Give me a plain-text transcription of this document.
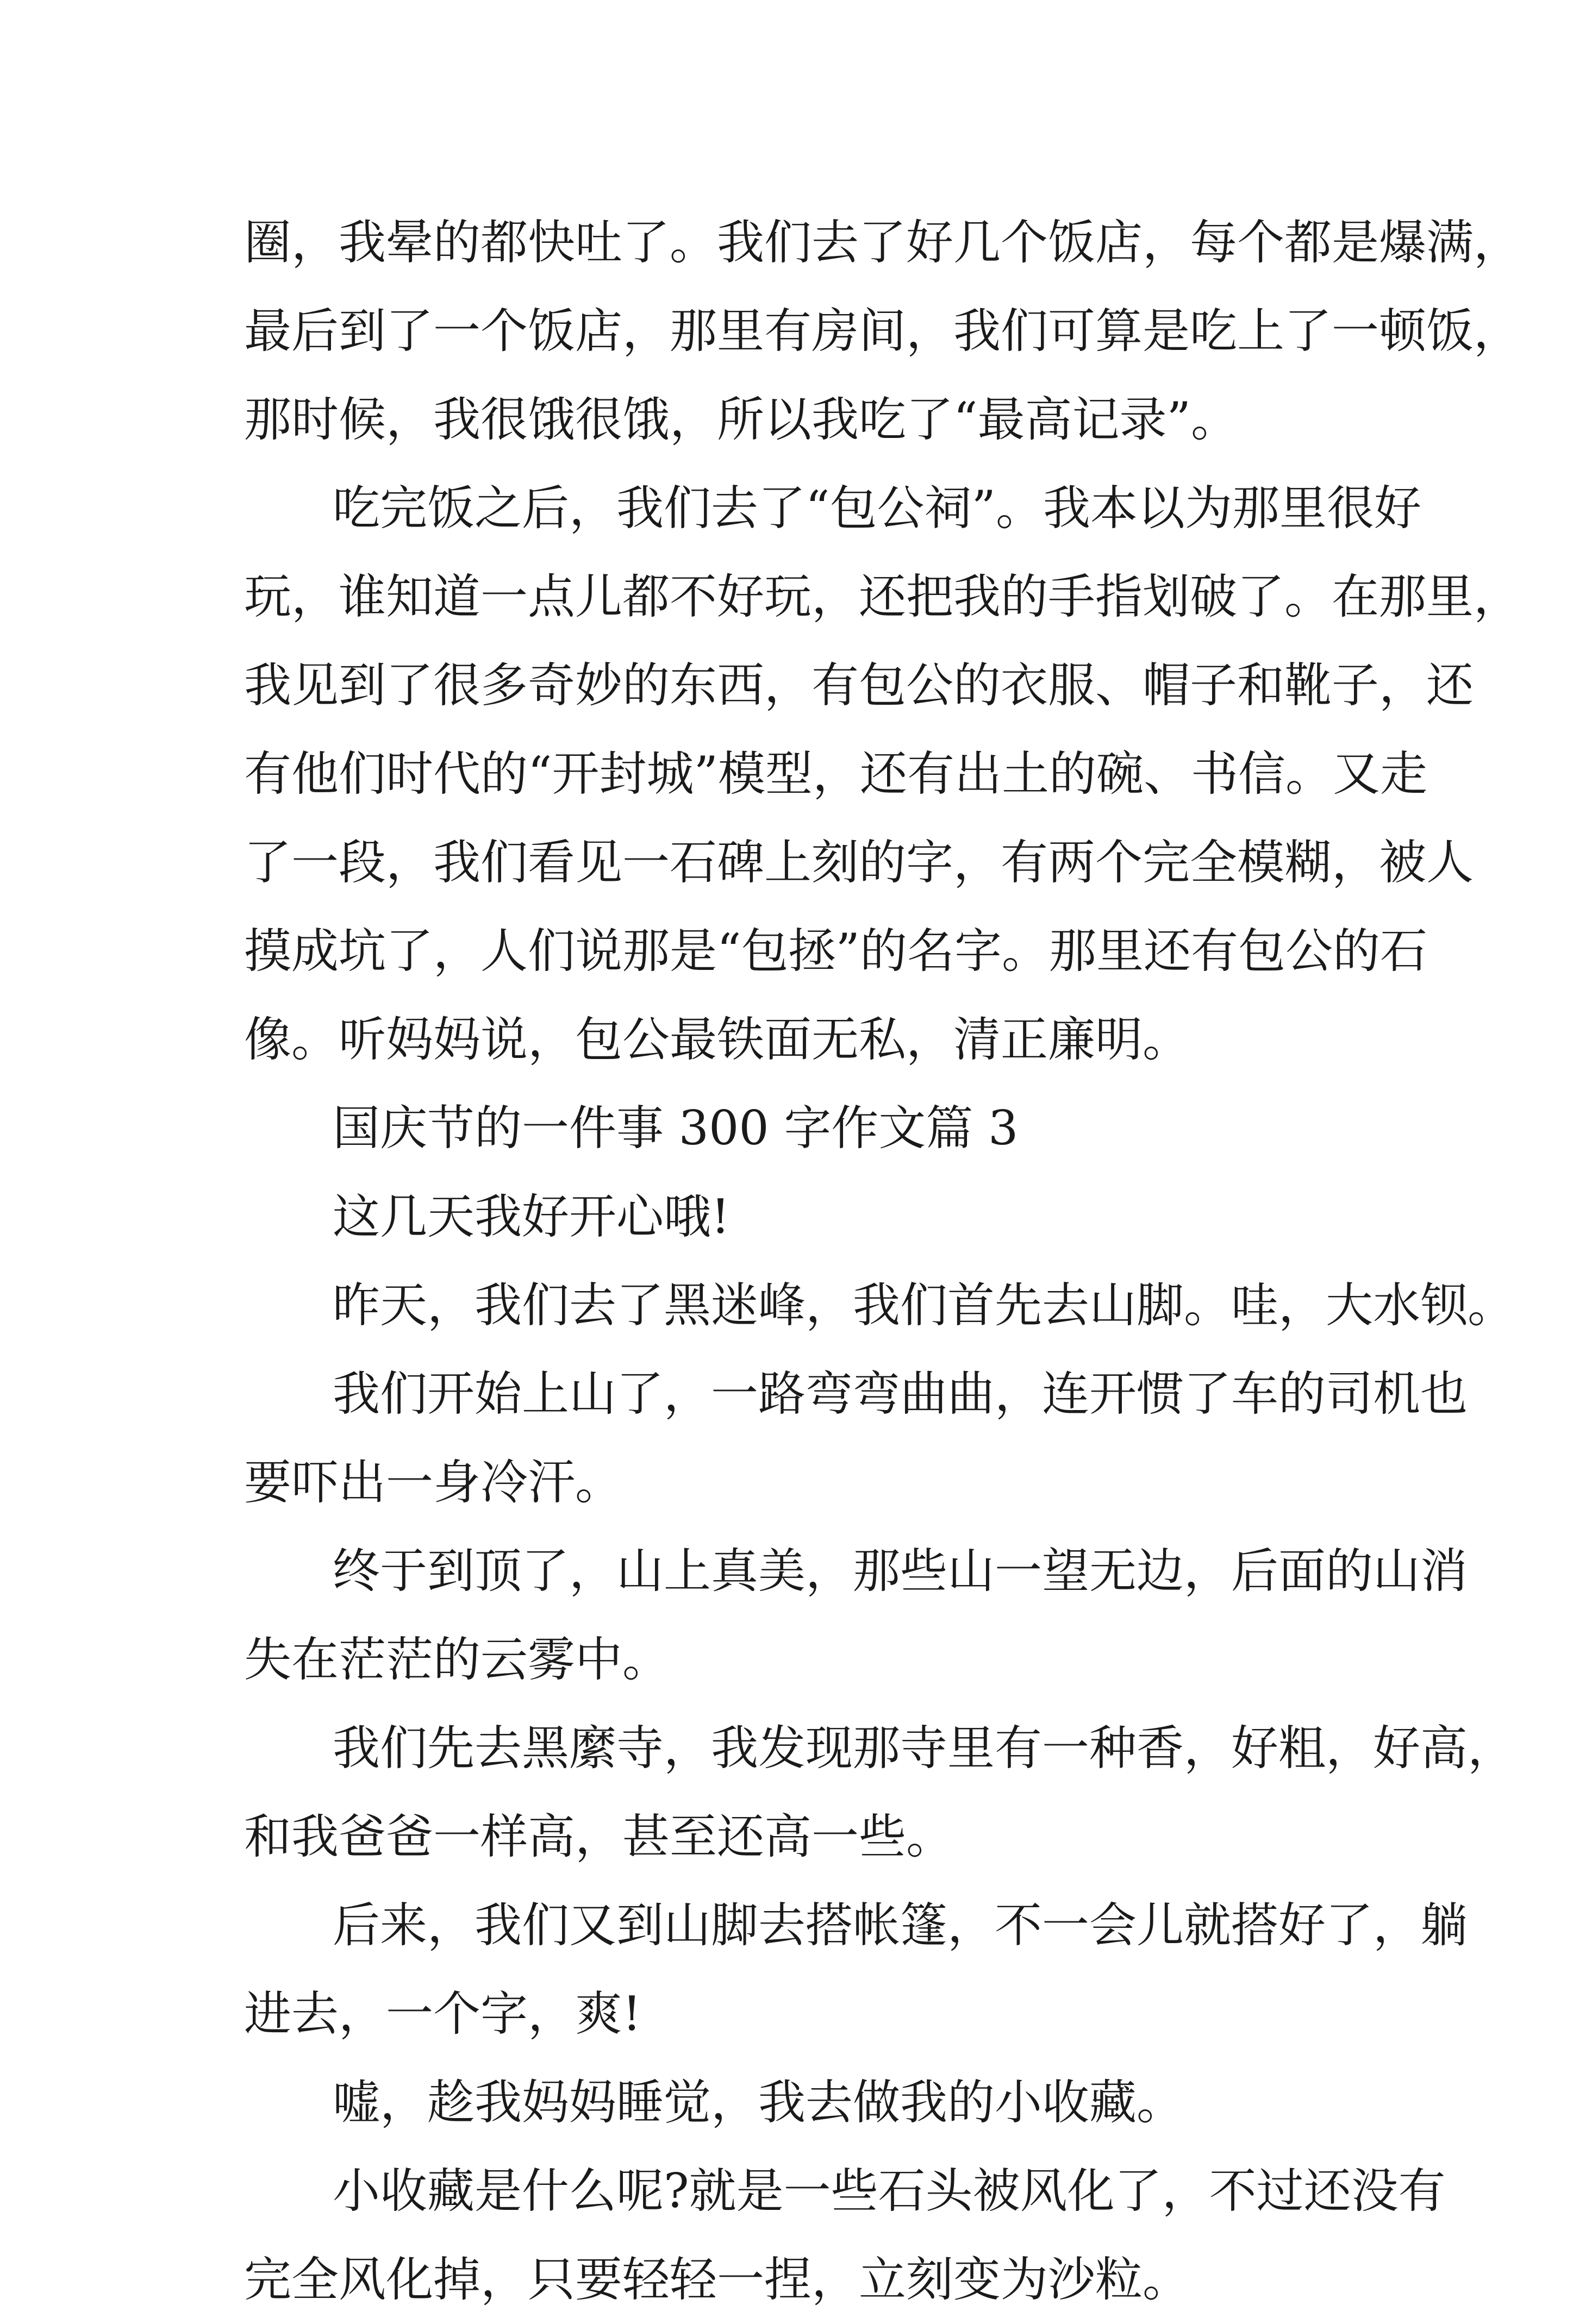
圈，我晕的都快吐了。我们去了好几个饭店，每个都是爆满，
最后到了一个饭店，那里有房间，我们可算是吃上了一顿饭，
那时候，我很饿很饿，所以我吃了“最高记录”。
吃完饭之后，我们去了“包公祠”。我本以为那里很好
玩，谁知道一点儿都不好玩，还把我的手指划破了。在那里，
我见到了很多奇妙的东西，有包公的衣服、帽子和靴子，还
有他们时代的“开封城”模型，还有出土的碗、书信。又走
了一段，我们看见一石碑上刻的字，有两个完全模糊，被人
摸成坑了，人们说那是“包拯”的名字。那里还有包公的石
像。听妈妈说，包公最铁面无私，清正廉明。
国庆节的一件事 300 字作文篇 3
这几天我好开心哦!
昨天，我们去了黑迷峰，我们首先去山脚。哇，大水钡。
我们开始上山了，一路弯弯曲曲，连开惯了车的司机也
要吓出一身冷汗。
终于到顶了，山上真美，那些山一望无边，后面的山消
失在茫茫的云雾中。
我们先去黑縻寺，我发现那寺里有一种香，好粗，好高，
和我爸爸一样高，甚至还高一些。
后来，我们又到山脚去搭帐篷，不一会儿就搭好了，躺
进去，一个字，爽!
嘘，趁我妈妈睡觉，我去做我的小收藏。
小收藏是什么呢?就是一些石头被风化了，不过还没有
完全风化掉，只要轻轻一捏，立刻变为沙粒。
